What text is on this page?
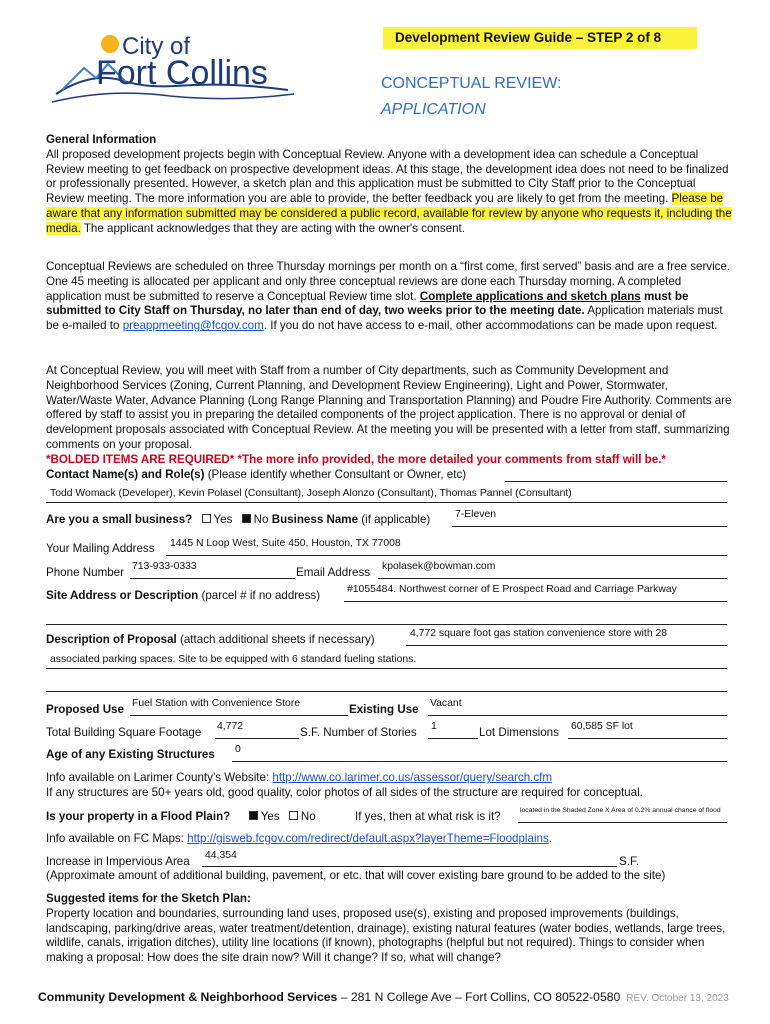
City of
Fort Collins
Development Review Guide – STEP 2 of 8
CONCEPTUAL REVIEW:
APPLICATION
General Information
All proposed development projects begin with Conceptual Review. Anyone with a development idea can schedule a Conceptual Review meeting to get feedback on prospective development ideas. At this stage, the development idea does not need to be finalized or professionally presented. However, a sketch plan and this application must be submitted to City Staff prior to the Conceptual Review meeting. The more information you are able to provide, the better feedback you are likely to get from the meeting. Please be aware that any information submitted may be considered a public record, available for review by anyone who requests it, including the media. The applicant acknowledges that they are acting with the owner's consent.
Conceptual Reviews are scheduled on three Thursday mornings per month on a “first come, first served” basis and are a free service. One 45 meeting is allocated per applicant and only three conceptual reviews are done each Thursday morning. A completed application must be submitted to reserve a Conceptual Review time slot. Complete applications and sketch plans must be submitted to City Staff on Thursday, no later than end of day, two weeks prior to the meeting date. Application materials must be e-mailed to preappmeeting@fcgov.com. If you do not have access to e-mail, other accommodations can be made upon request.
At Conceptual Review, you will meet with Staff from a number of City departments, such as Community Development and Neighborhood Services (Zoning, Current Planning, and Development Review Engineering), Light and Power, Stormwater, Water/Waste Water, Advance Planning (Long Range Planning and Transportation Planning) and Poudre Fire Authority. Comments are offered by staff to assist you in preparing the detailed components of the project application. There is no approval or denial of development proposals associated with Conceptual Review. At the meeting you will be presented with a letter from staff, summarizing comments on your proposal.
*BOLDED ITEMS ARE REQUIRED* *The more info provided, the more detailed your comments from staff will be.*
Contact Name(s) and Role(s) (Please identify whether Consultant or Owner, etc)
Todd Womack (Developer), Kevin Polasel (Consultant), Joseph Alonzo (Consultant), Thomas Pannel (Consultant)
Are you a small business? Yes No Business Name (if applicable) 7-Eleven
Your Mailing Address 1445 N Loop West, Suite 450, Houston, TX 77008
Phone Number 713-933-0333	Email Address kpolasek@bowman.com
Site Address or Description (parcel # if no address)	#1055484. Northwest corner of E Prospect Road and Carriage Parkway
Description of Proposal (attach additional sheets if necessary)	4,772 square foot gas station convenience store with 28
associated parking spaces. Site to be equipped with 6 standard fueling stations.
Proposed Use Fuel Station with Convenience Store	Existing Use Vacant
Total Building Square Footage 4,772	S.F. Number of Stories 1	Lot Dimensions 60,585 SF lot
Age of any Existing Structures 0
Info available on Larimer County’s Website: http://www.co.larimer.co.us/assessor/query/search.cfm
If any structures are 50+ years old, good quality, color photos of all sides of the structure are required for conceptual.
Is your property in a Flood Plain?	Yes No	If yes, then at what risk is it?	located in the Shaded Zone X Area of 0.2% annual chance of flood
Info available on FC Maps: http://gisweb.fcgov.com/redirect/default.aspx?layerTheme=Floodplains.
Increase in Impervious Area 44,354	S.F.
(Approximate amount of additional building, pavement, or etc. that will cover existing bare ground to be added to the site)
Suggested items for the Sketch Plan:
Property location and boundaries, surrounding land uses, proposed use(s), existing and proposed improvements (buildings, landscaping, parking/drive areas, water treatment/detention, drainage), existing natural features (water bodies, wetlands, large trees, wildlife, canals, irrigation ditches), utility line locations (if known), photographs (helpful but not required). Things to consider when making a proposal: How does the site drain now? Will it change? If so, what will change?
Community Development & Neighborhood Services – 281 N College Ave – Fort Collins, CO 80522-0580 REV. October 13, 2023
